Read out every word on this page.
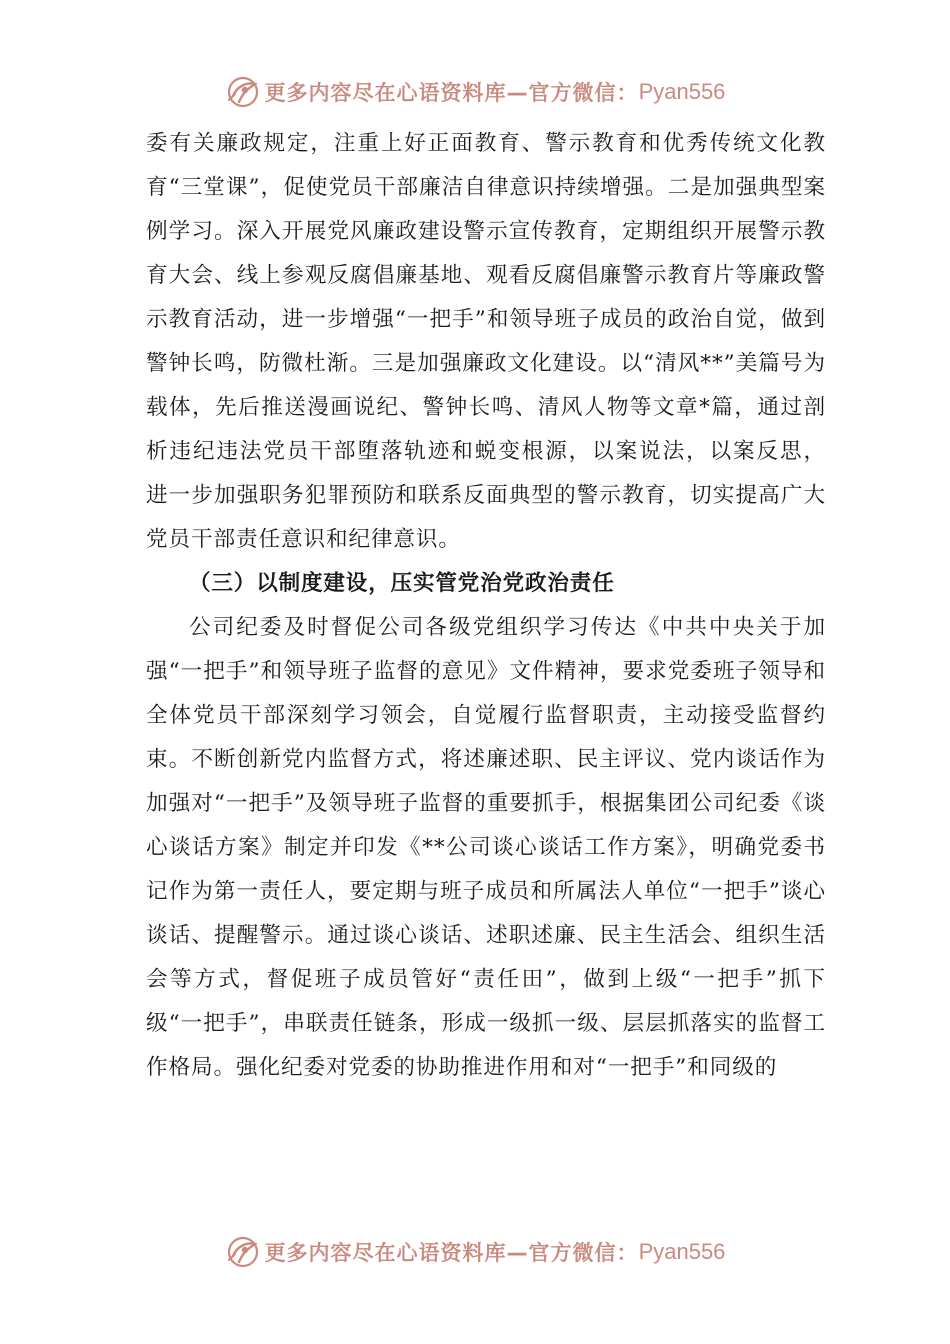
更多内容尽在心语资料库—官方微信： Pyan556

委有关廉政规定，注重上好正面教育、警示教育和优秀传统文化教育“三堂课”，促使党员干部廉洁自律意识持续增强。二是加强典型案例学习。深入开展党风廉政建设警示宣传教育，定期组织开展警示教育大会、线上参观反腐倡廉基地、观看反腐倡廉警示教育片等廉政警示教育活动，进一步增强“一把手”和领导班子成员的政治自觉，做到警钟长鸣，防微杜渐。三是加强廉政文化建设。以“清风**”美篇号为载体，先后推送漫画说纪、警钟长鸣、清风人物等文章*篇，通过剖析违纪违法党员干部堕落轨迹和蜕变根源，以案说法，以案反思， 进一步加强职务犯罪预防和联系反面典型的警示教育，切实提高广大党员干部责任意识和纪律意识。

（三）以制度建设，压实管党治党政治责任

公司纪委及时督促公司各级党组织学习传达《中共中央关于加强“一把手”和领导班子监督的意见》文件精神，要求党委班子领导和全体党员干部深刻学习领会，自觉履行监督职责，主动接受监督约束。不断创新党内监督方式，将述廉述职、民主评议、党内谈话作为加强对“一把手”及领导班子监督的重要抓手，根据集团公司纪委《谈心谈话方案》制定并印发《**公司谈心谈话工作方案》，明确党委书记作为第一责任人，要定期与班子成员和所属法人单位“一把手”谈心谈话、提醒警示。通过谈心谈话、述职述廉、民主生活会、组织生活会等方式，督促班子成员管好“责任田”，做到上级“一把手”抓下级“一把手”，串联责任链条，形成一级抓一级、层层抓落实的监督工作格局。强化纪委对党委的协助推进作用和对“一把手”和同级的

更多内容尽在心语资料库—官方微信： Pyan556
